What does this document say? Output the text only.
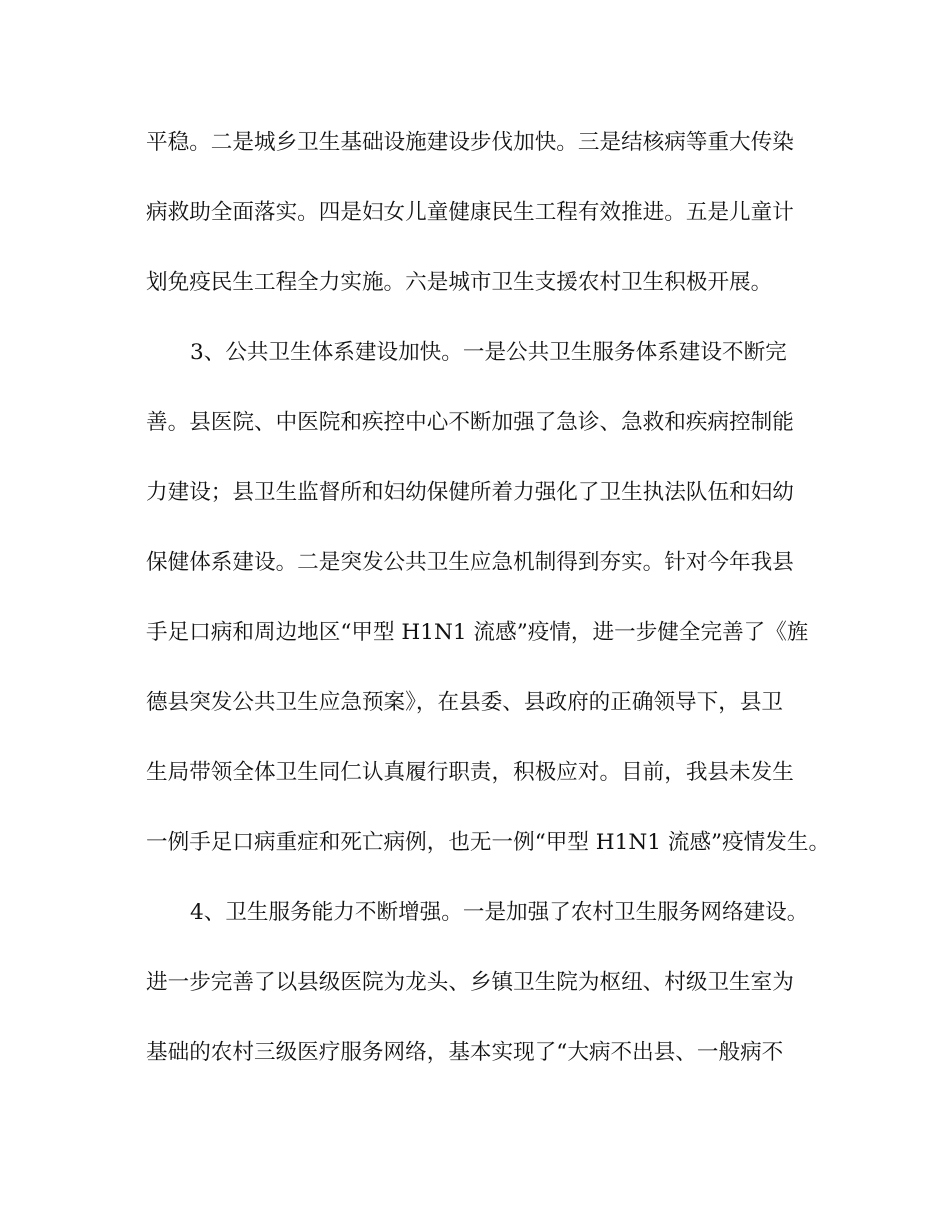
平稳。二是城乡卫生基础设施建设步伐加快。三是结核病等重大传染
病救助全面落实。四是妇女儿童健康民生工程有效推进。五是儿童计
划免疫民生工程全力实施。六是城市卫生支援农村卫生积极开展。
3、公共卫生体系建设加快。一是公共卫生服务体系建设不断完
善。县医院、中医院和疾控中心不断加强了急诊、急救和疾病控制能
力建设；县卫生监督所和妇幼保健所着力强化了卫生执法队伍和妇幼
保健体系建设。二是突发公共卫生应急机制得到夯实。针对今年我县
手足口病和周边地区“甲型 H1N1 流感”疫情，进一步健全完善了《旌
德县突发公共卫生应急预案》，在县委、县政府的正确领导下，县卫
生局带领全体卫生同仁认真履行职责，积极应对。目前，我县未发生
一例手足口病重症和死亡病例，也无一例“甲型 H1N1 流感”疫情发生。
4、卫生服务能力不断增强。一是加强了农村卫生服务网络建设。
进一步完善了以县级医院为龙头、乡镇卫生院为枢纽、村级卫生室为
基础的农村三级医疗服务网络，基本实现了“大病不出县、一般病不
